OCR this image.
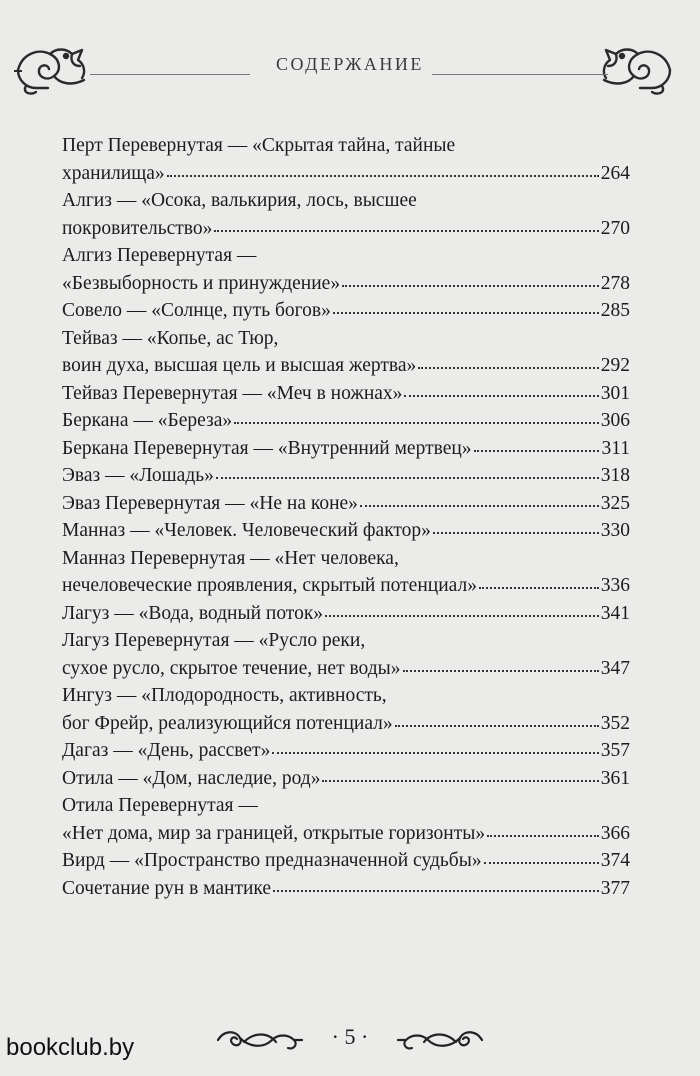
СОДЕРЖАНИЕ
Перт Перевернутая — «Скрытая тайна, тайные
хранилища»	264
Алгиз — «Осока, валькирия, лось, высшее
покровительство»	270
Алгиз Перевернутая —
«Безвыборность и принуждение»	278
Совело — «Солнце, путь богов»	285
Тейваз — «Копье, ас Тюр,
воин духа, высшая цель и высшая жертва»	292
Тейваз Перевернутая — «Меч в ножнах»	301
Беркана — «Береза»	306
Беркана Перевернутая — «Внутренний мертвец»	311
Эваз — «Лошадь»	318
Эваз Перевернутая — «Не на коне»	325
Манназ — «Человек. Человеческий фактор»	330
Манназ Перевернутая — «Нет человека,
нечеловеческие проявления, скрытый потенциал»	336
Лагуз — «Вода, водный поток»	341
Лагуз Перевернутая — «Русло реки,
сухое русло, скрытое течение, нет воды»	347
Ингуз — «Плодородность, активность,
бог Фрейр, реализующийся потенциал»	352
Дагаз — «День, рассвет»	357
Отила — «Дом, наследие, род»	361
Отила Перевернутая —
«Нет дома, мир за границей, открытые горизонты»	366
Вирд — «Пространство предназначенной судьбы»	374
Сочетание рун в мантике	377
· 5 ·
bookclub.by
